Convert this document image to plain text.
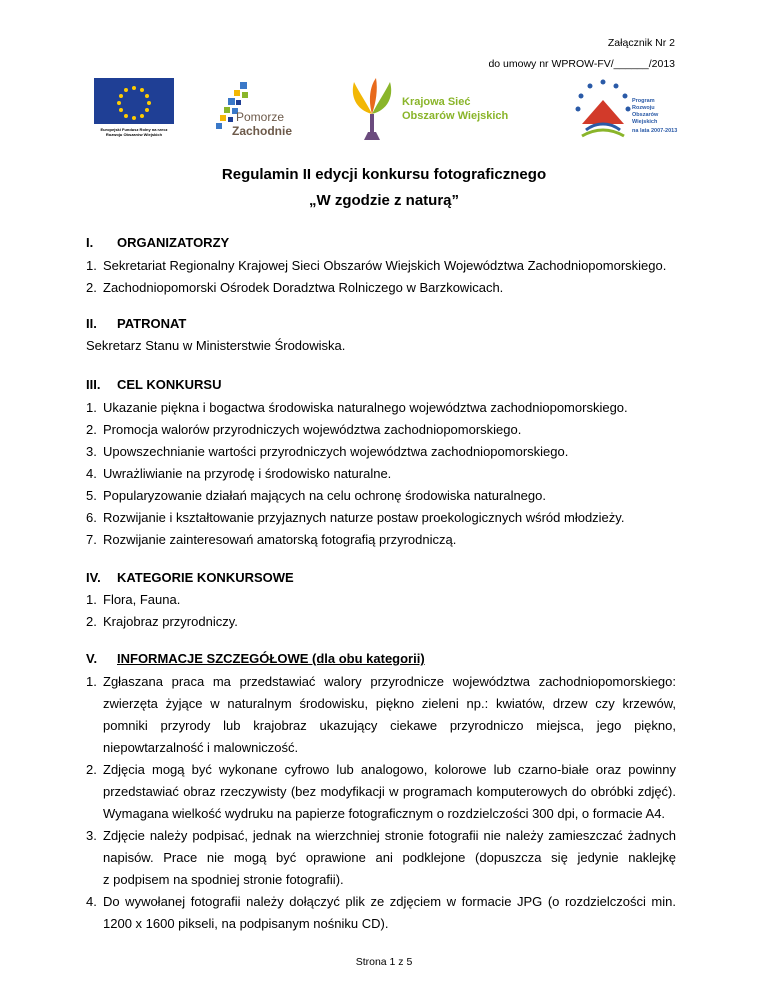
Załącznik Nr 2
do umowy nr WPROW-FV/______/2013
Europejski Fundusz Rolny na rzecz Rozwoju Obszarów Wiejskich
Pomorze
Zachodnie
Krajowa Sieć
Obszarów Wiejskich
Program
Rozwoju
Obszarów
Wiejskich
na lata 2007-2013
Regulamin II edycji konkursu fotograficznego
„W zgodzie z naturą”
I. ORGANIZATORZY
1. Sekretariat Regionalny Krajowej Sieci Obszarów Wiejskich Województwa Zachodniopomorskiego.
2. Zachodniopomorski Ośrodek Doradztwa Rolniczego w Barzkowicach.
II. PATRONAT
Sekretarz Stanu w Ministerstwie Środowiska.
III. CEL KONKURSU
1. Ukazanie piękna i bogactwa środowiska naturalnego województwa zachodniopomorskiego.
2. Promocja walorów przyrodniczych województwa zachodniopomorskiego.
3. Upowszechnianie wartości przyrodniczych województwa zachodniopomorskiego.
4. Uwrażliwianie na przyrodę i środowisko naturalne.
5. Popularyzowanie działań mających na celu ochronę środowiska naturalnego.
6. Rozwijanie i kształtowanie przyjaznych naturze postaw proekologicznych wśród młodzieży.
7. Rozwijanie zainteresowań amatorską fotografią przyrodniczą.
IV. KATEGORIE KONKURSOWE
1. Flora, Fauna.
2. Krajobraz przyrodniczy.
V. INFORMACJE SZCZEGÓŁOWE (dla obu kategorii)
1. Zgłaszana praca ma przedstawiać walory przyrodnicze województwa zachodniopomorskiego:
zwierzęta żyjące w naturalnym środowisku, piękno zieleni np.: kwiatów, drzew czy krzewów,
pomniki przyrody lub krajobraz ukazujący ciekawe przyrodniczo miejsca, jego piękno,
niepowtarzalność i malowniczość.
2. Zdjęcia mogą być wykonane cyfrowo lub analogowo, kolorowe lub czarno-białe oraz powinny
przedstawiać obraz rzeczywisty (bez modyfikacji w programach komputerowych do obróbki zdjęć).
Wymagana wielkość wydruku na papierze fotograficznym o rozdzielczości 300 dpi, o formacie A4.
3. Zdjęcie należy podpisać, jednak na wierzchniej stronie fotografii nie należy zamieszczać żadnych
napisów. Prace nie mogą być oprawione ani podklejone (dopuszcza się jedynie naklejkę
z podpisem na spodniej stronie fotografii).
4. Do wywołanej fotografii należy dołączyć plik ze zdjęciem w formacie JPG (o rozdzielczości min.
1200 x 1600 pikseli, na podpisanym nośniku CD).
Strona 1 z 5
